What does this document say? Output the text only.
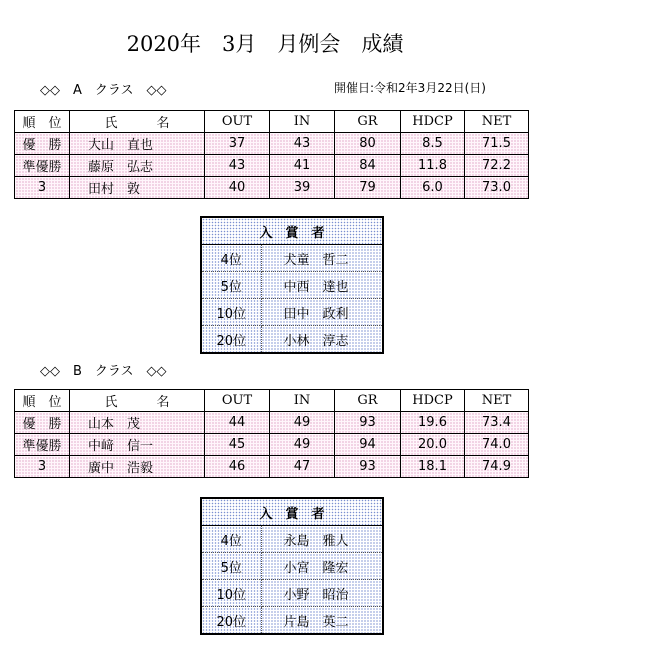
2020年　3月　月例会　成績
◇◇　A　クラス　◇◇	開催日:令和2年3月22日(日)
順　位	氏　　　名	OUT	IN	GR	HDCP	NET
優　勝	大山　直也	37	43	80	8.5	71.5
準優勝	藤原　弘志	43	41	84	11.8	72.2
3	田村　敦	40	39	79	6.0	73.0
入　賞　者	
4位	犬童　哲二
5位	中西　達也
10位	田中　政利
20位	小林　淳志
◇◇　B　クラス　◇◇
順　位	氏　　　名	OUT	IN	GR	HDCP	NET
優　勝	山本　茂	44	49	93	19.6	73.4
準優勝	中﨑　信一	45	49	94	20.0	74.0
3	廣中　浩毅	46	47	93	18.1	74.9
入　賞　者	
4位	永島　雅人
5位	小宮　隆宏
10位	小野　昭治
20位	片島　英二
